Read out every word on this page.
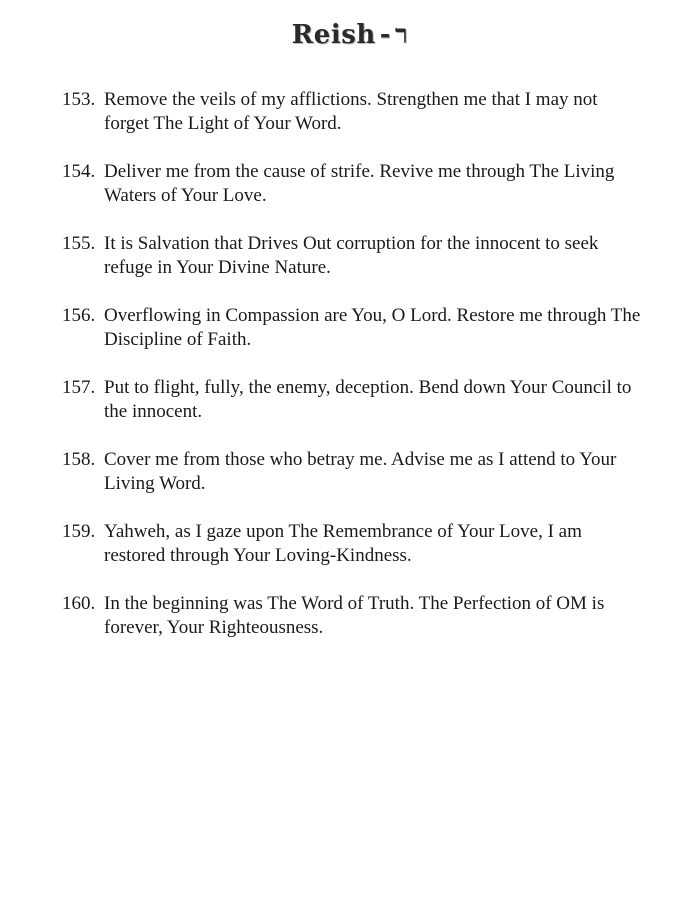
Reish - ר
153. Remove the veils of my afflictions. Strengthen me that I may not forget The Light of Your Word.
154. Deliver me from the cause of strife. Revive me through The Living Waters of Your Love.
155. It is Salvation that Drives Out corruption for the innocent to seek refuge in Your Divine Nature.
156. Overflowing in Compassion are You, O Lord. Restore me through The Discipline of Faith.
157. Put to flight, fully, the enemy, deception. Bend down Your Council to the innocent.
158. Cover me from those who betray me. Advise me as I attend to Your Living Word.
159. Yahweh, as I gaze upon The Remembrance of Your Love, I am restored through Your Loving-Kindness.
160. In the beginning was The Word of Truth. The Perfection of OM is forever, Your Righteousness.
